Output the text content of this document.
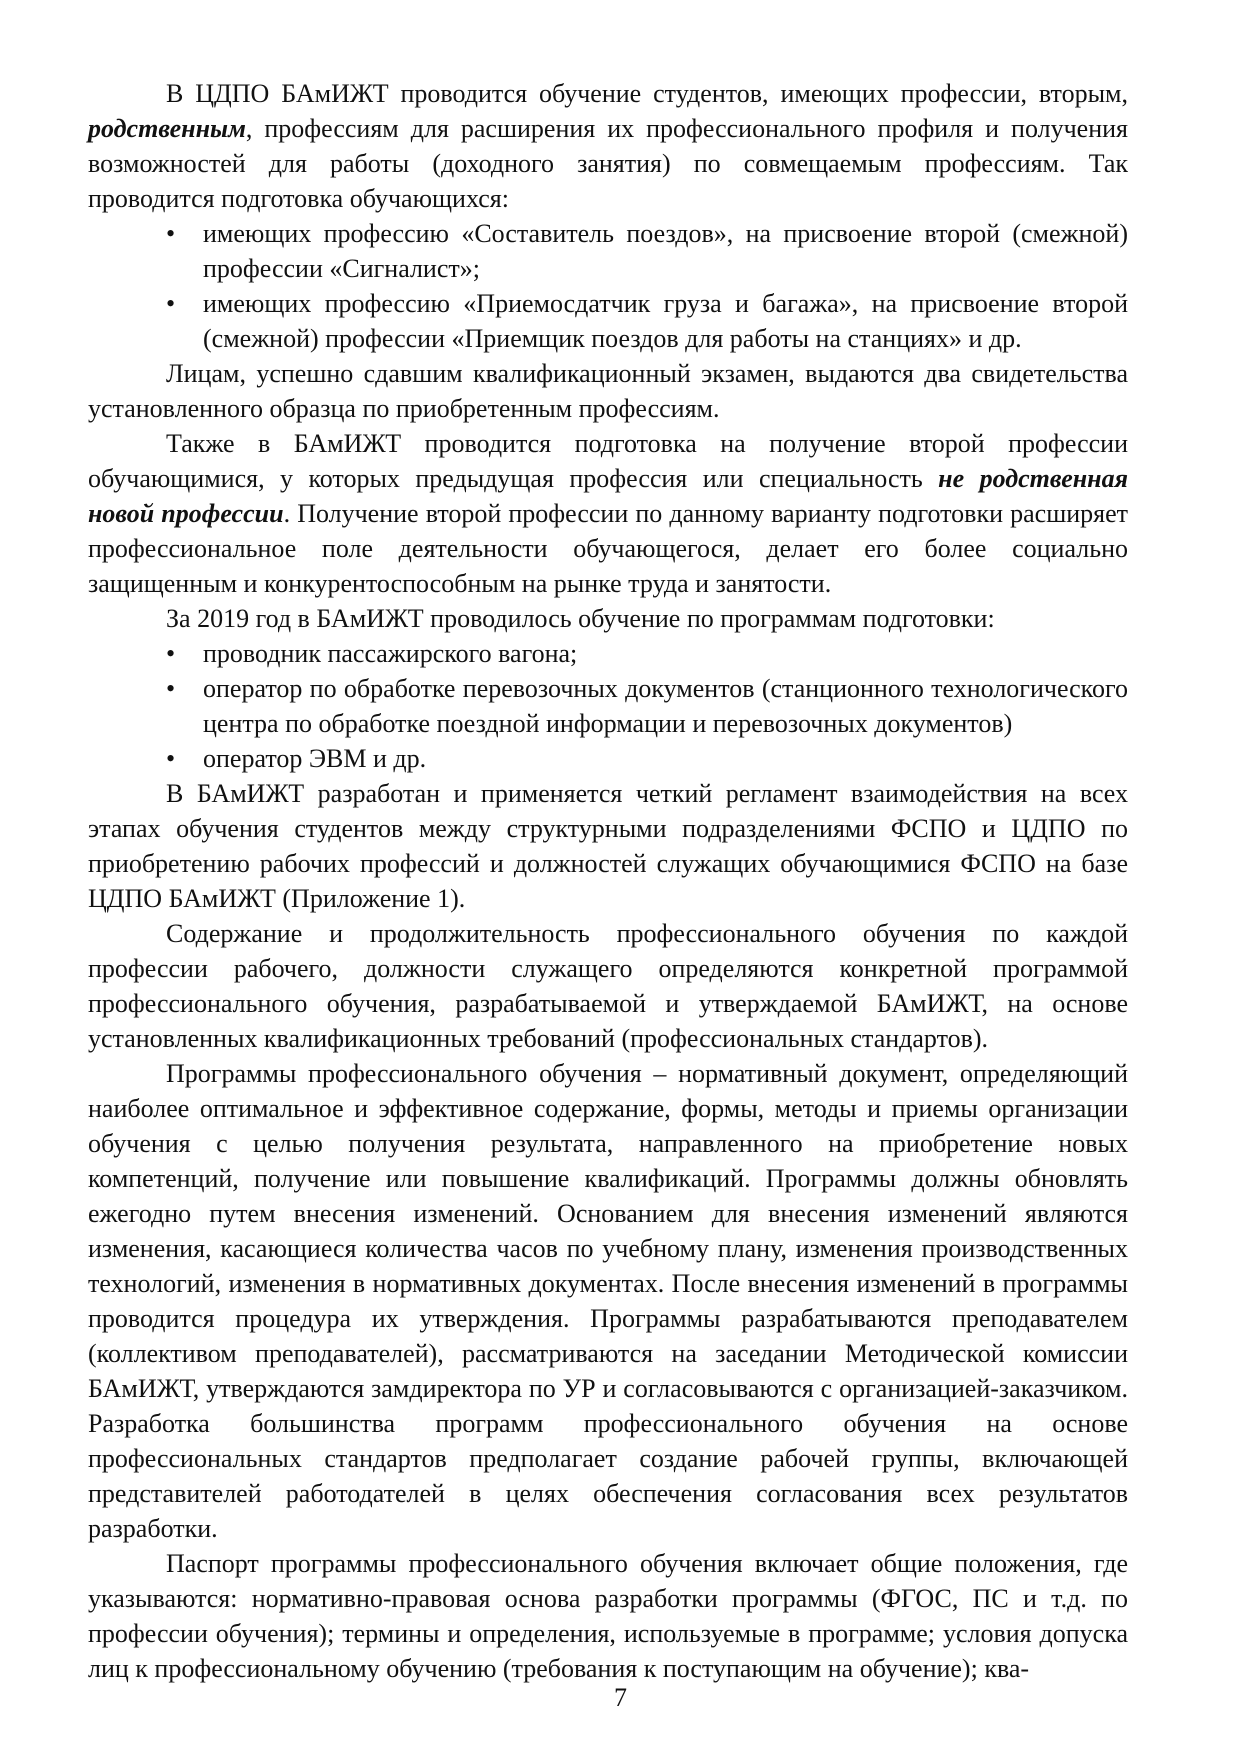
В ЦДПО БАмИЖТ проводится обучение студентов, имеющих профессии, вторым, родственным, профессиям для расширения их профессионального профиля и получения возможностей для работы (доходного занятия) по совмещаемым профессиям. Так проводится подготовка обучающихся:

• имеющих профессию «Составитель поездов», на присвоение второй (смежной) профессии «Сигналист»;
• имеющих профессию «Приемосдатчик груза и багажа», на присвоение второй (смежной) профессии «Приемщик поездов для работы на станциях» и др.

Лицам, успешно сдавшим квалификационный экзамен, выдаются два свидетельства установленного образца по приобретенным профессиям.

Также в БАмИЖТ проводится подготовка на получение второй профессии обучающимися, у которых предыдущая профессия или специальность не родственная новой профессии. Получение второй профессии по данному варианту подготовки расширяет профессиональное поле деятельности обучающегося, делает его более социально защищенным и конкурентоспособным на рынке труда и занятости.

За 2019 год в БАмИЖТ проводилось обучение по программам подготовки:

• проводник пассажирского вагона;
• оператор по обработке перевозочных документов (станционного технологического центра по обработке поездной информации и перевозочных документов)
• оператор ЭВМ и др.

В БАмИЖТ разработан и применяется четкий регламент взаимодействия на всех этапах обучения студентов между структурными подразделениями ФСПО и ЦДПО по приобретению рабочих профессий и должностей служащих обучающимися ФСПО на базе ЦДПО БАмИЖТ (Приложение 1).

Содержание и продолжительность профессионального обучения по каждой профессии рабочего, должности служащего определяются конкретной программой профессионального обучения, разрабатываемой и утверждаемой БАмИЖТ, на основе установленных квалификационных требований (профессиональных стандартов).

Программы профессионального обучения – нормативный документ, определяющий наиболее оптимальное и эффективное содержание, формы, методы и приемы организации обучения с целью получения результата, направленного на приобретение новых компетенций, получение или повышение квалификаций. Программы должны обновлять ежегодно путем внесения изменений. Основанием для внесения изменений являются изменения, касающиеся количества часов по учебному плану, изменения производственных технологий, изменения в нормативных документах. После внесения изменений в программы проводится процедура их утверждения. Программы разрабатываются преподавателем (коллективом преподавателей), рассматриваются на заседании Методической комиссии БАмИЖТ, утверждаются замдиректора по УР и согласовываются с организацией-заказчиком. Разработка большинства программ профессионального обучения на основе профессиональных стандартов предполагает создание рабочей группы, включающей представителей работодателей в целях обеспечения согласования всех результатов разработки.

Паспорт программы профессионального обучения включает общие положения, где указываются: нормативно-правовая основа разработки программы (ФГОС, ПС и т.д. по профессии обучения); термины и определения, используемые в программе; условия допуска лиц к профессиональному обучению (требования к поступающим на обучение); ква-

7
